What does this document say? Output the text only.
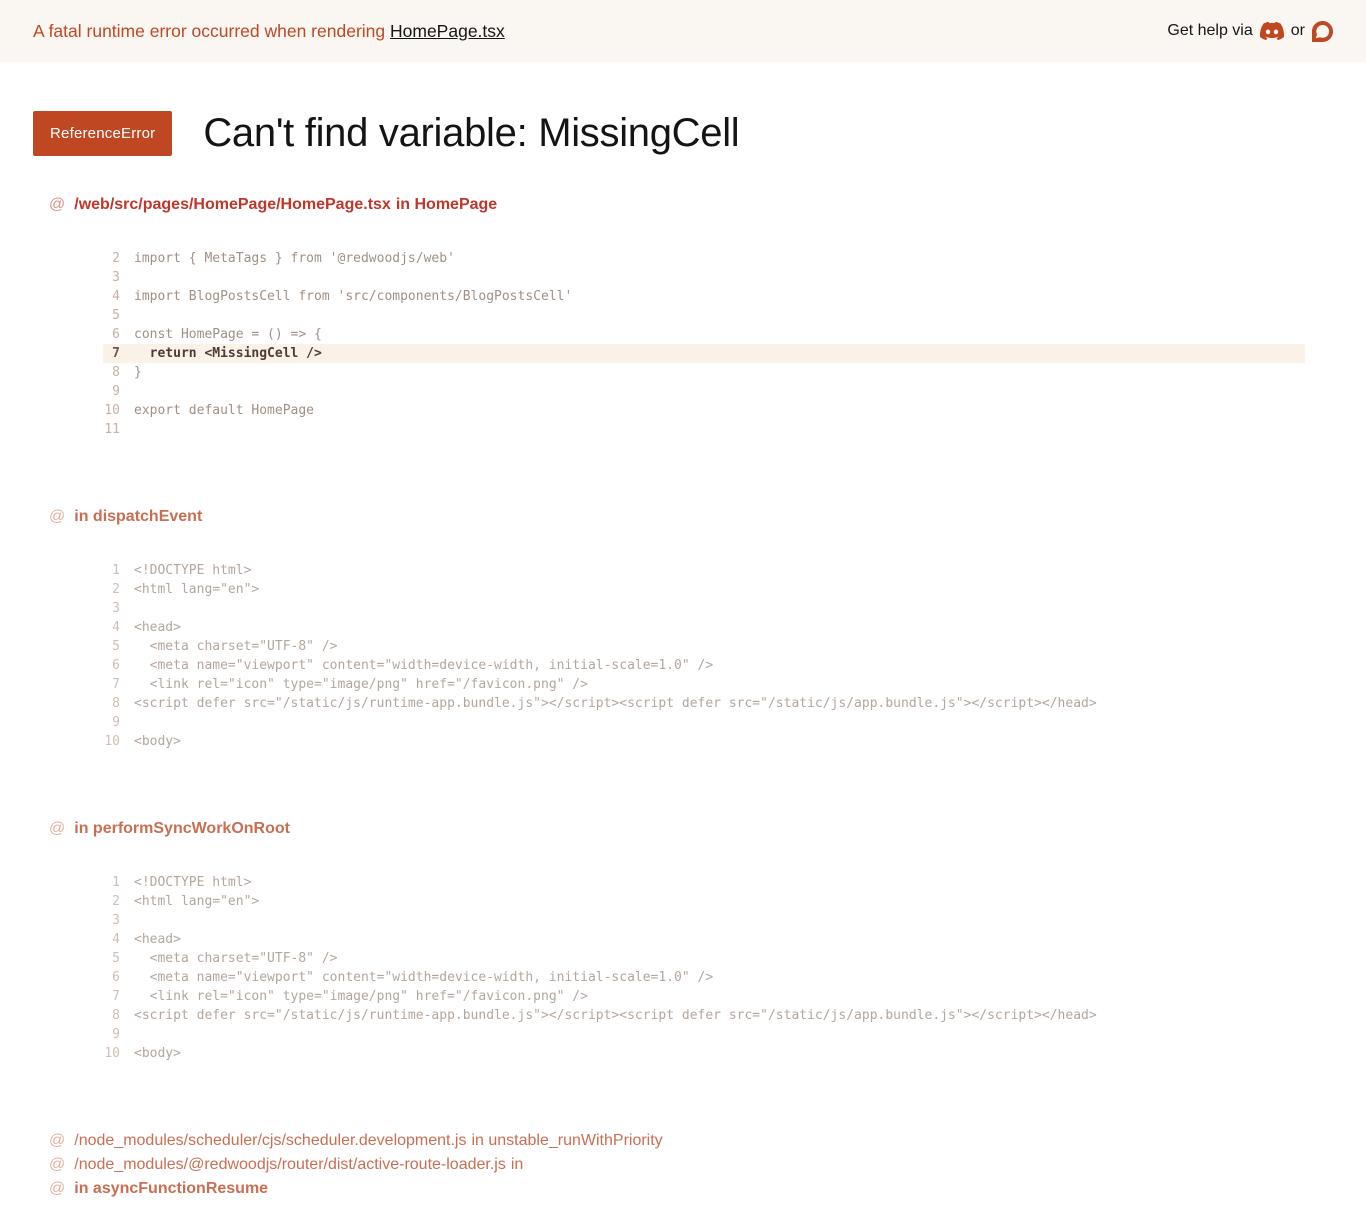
A fatal runtime error occurred when rendering HomePage.tsx	Get help via or
ReferenceError	Can't find variable: MissingCell
@ /web/src/pages/HomePage/HomePage.tsx in HomePage
2 import { MetaTags } from '@redwoodjs/web'
3
4 import BlogPostsCell from 'src/components/BlogPostsCell'
5
6 const HomePage = () => {
7 return <MissingCell />
8 }
9
10 export default HomePage
11
@ in dispatchEvent
1 <!DOCTYPE html>
2 <html lang="en">
3
4 <head>
5 <meta charset="UTF-8" />
6 <meta name="viewport" content="width=device-width, initial-scale=1.0" />
7 <link rel="icon" type="image/png" href="/favicon.png" />
8 <script defer src="/static/js/runtime-app.bundle.js"></script><script defer src="/static/js/app.bundle.js"></script></head>
9
10 <body>
@ in performSyncWorkOnRoot
1 <!DOCTYPE html>
2 <html lang="en">
3
4 <head>
5 <meta charset="UTF-8" />
6 <meta name="viewport" content="width=device-width, initial-scale=1.0" />
7 <link rel="icon" type="image/png" href="/favicon.png" />
8 <script defer src="/static/js/runtime-app.bundle.js"></script><script defer src="/static/js/app.bundle.js"></script></head>
9
10 <body>
@ /node_modules/scheduler/cjs/scheduler.development.js in unstable_runWithPriority
@ /node_modules/@redwoodjs/router/dist/active-route-loader.js in
@ in asyncFunctionResume
